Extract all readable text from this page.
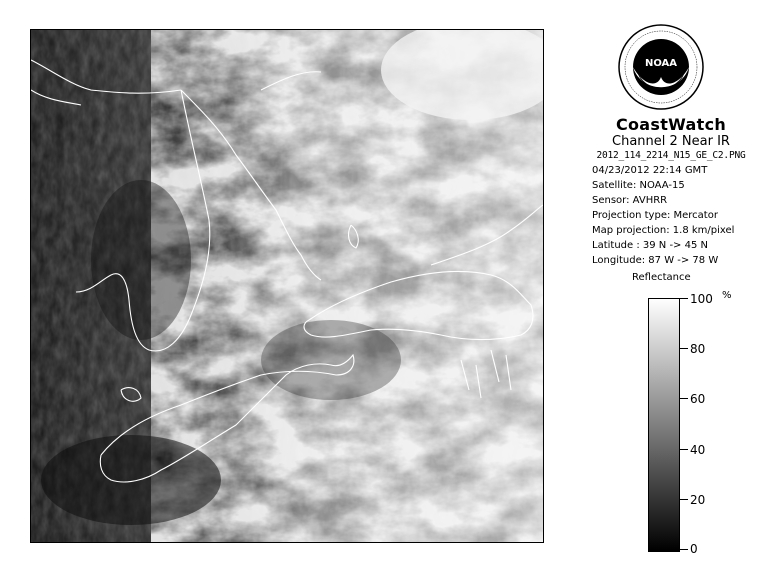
NOAA
CoastWatch
Channel 2 Near IR
2012_114_2214_N15_GE_C2.PNG
04/23/2012 22:14 GMT
Satellite: NOAA-15
Sensor: AVHRR
Projection type: Mercator
Map projection: 1.8 km/pixel
Latitude : 39 N -> 45 N
Longitude: 87 W -> 78 W
Reflectance
%
100
80
60
40
20
0
